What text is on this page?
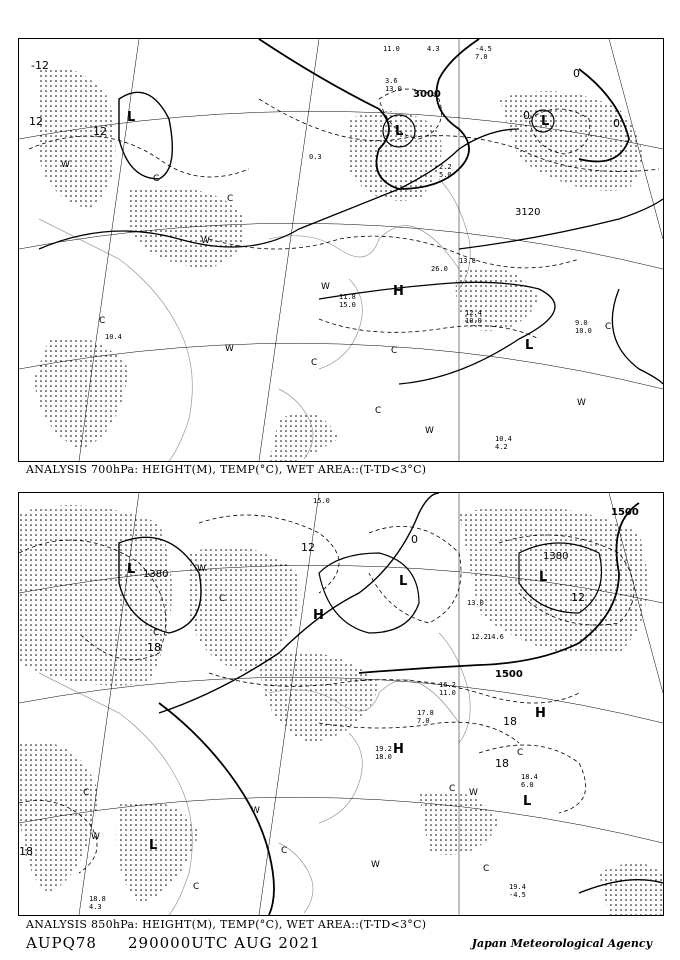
11.0	4.3	-4.5
7.0
3.6
13.0
0.3
2.2
5.0
13.8
26.0
11.8
15.0
10.4
9.0
10.0
12.4
10.0
10.4
4.2
3000
3120
-12
12
12
0
0
0
L
L
L
H
L
W
C
W
C
W
C
C
W
W
C
C
W
C
ANALYSIS 700hPa: HEIGHT(M), TEMP(°C), WET AREA::(T-TD<3°C)
15.0
13.0
12.2 14.6
19.2
18.0
17.8
7.0
18.4
6.0
19.4
-4.5
16.2
11.0
18.8
4.3
1500
1380
1500
1380
18
12
0
12
18
18
18
L
L
H
L
H
H
L
L
C
C
C
W
C
W
C
W
C W
C
C
W
ANALYSIS 850hPa: HEIGHT(M), TEMP(°C), WET AREA::(T-TD<3°C)
AUPQ78 290000UTC AUG 2021	Japan Meteorological Agency
